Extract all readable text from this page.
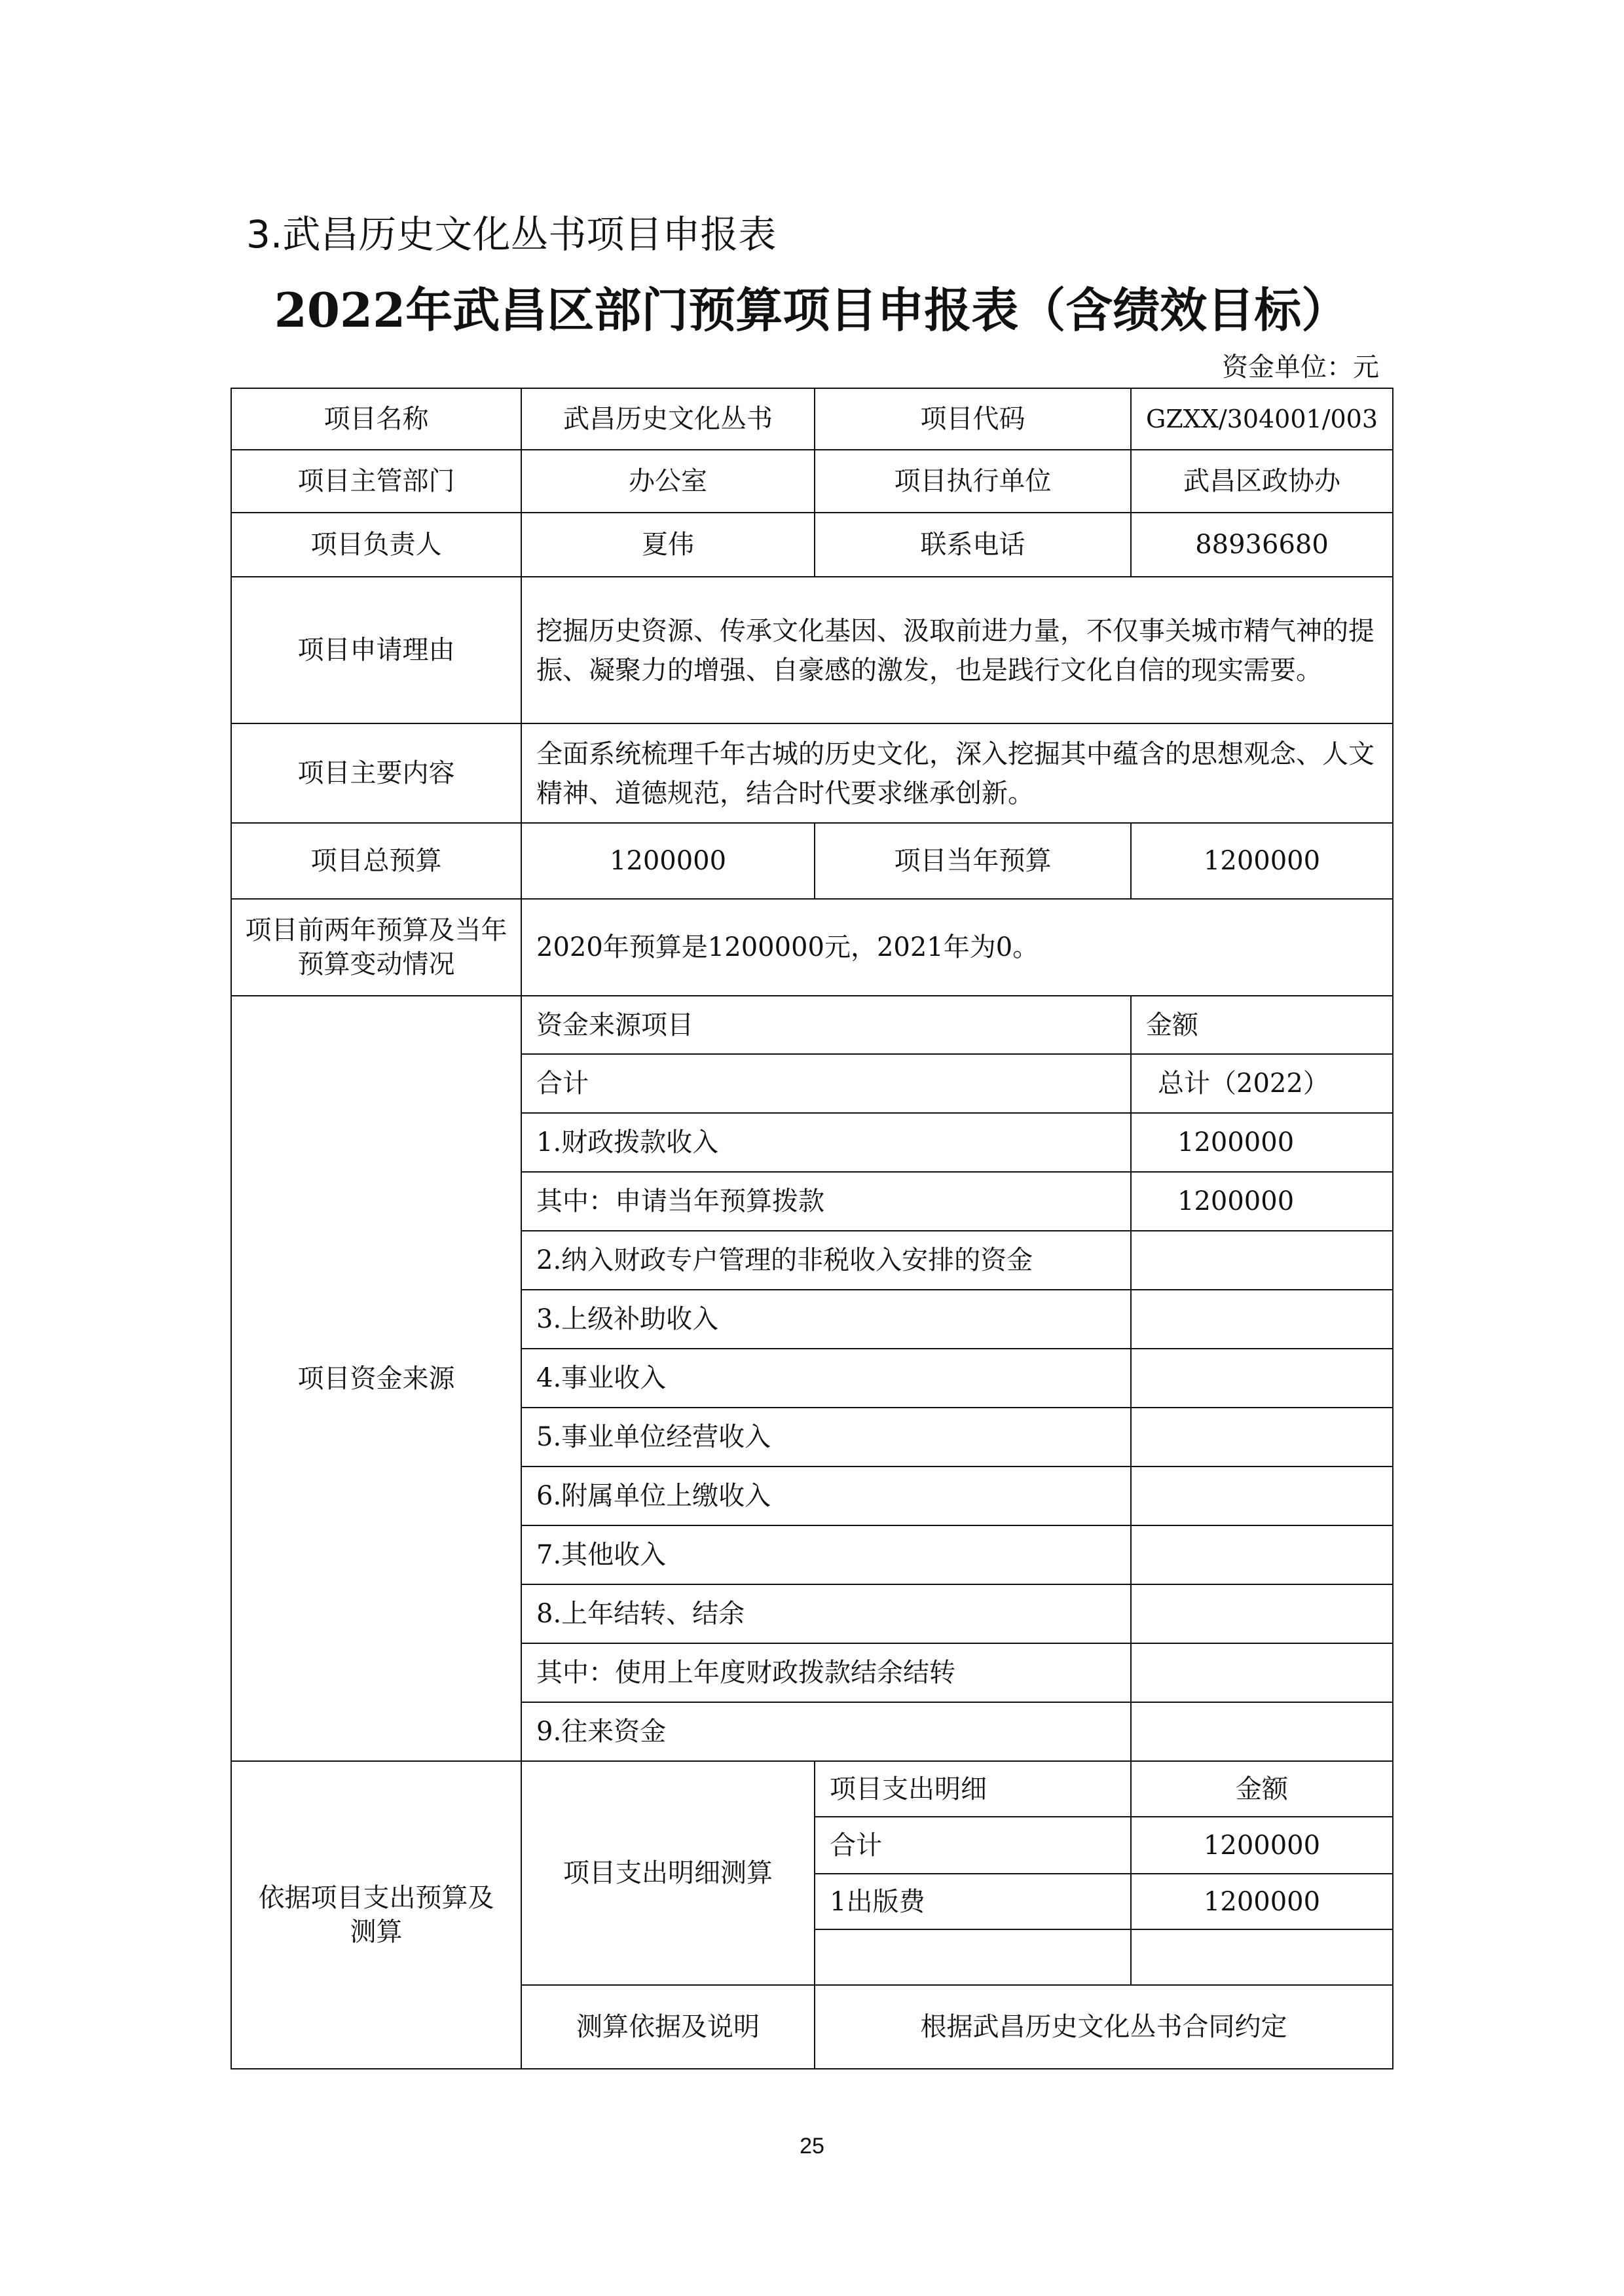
3.武昌历史文化丛书项目申报表
2022年武昌区部门预算项目申报表（含绩效目标）
资金单位：元
项目名称	武昌历史文化丛书	项目代码	GZXX/304001/003
项目主管部门	办公室	项目执行单位	武昌区政协办
项目负责人	夏伟	联系电话	88936680
项目申请理由	挖掘历史资源、传承文化基因、汲取前进力量，不仅事关城市精气神的提振、凝聚力的增强、自豪感的激发，也是践行文化自信的现实需要。		
项目主要内容	全面系统梳理千年古城的历史文化，深入挖掘其中蕴含的思想观念、人文精神、道德规范，结合时代要求继承创新。		
项目总预算	1200000	项目当年预算	1200000
项目前两年预算及当年预算变动情况	2020年预算是1200000元，2021年为0。		
项目资金来源	资金来源项目		金额
	合计		总计（2022）
	1.财政拨款收入		1200000
	其中：申请当年预算拨款		1200000
	2.纳入财政专户管理的非税收入安排的资金		
	3.上级补助收入		
	4.事业收入		
	5.事业单位经营收入		
	6.附属单位上缴收入		
	7.其他收入		
	8.上年结转、结余		
	其中：使用上年度财政拨款结余结转		
	9.往来资金		
依据项目支出预算及测算	项目支出明细测算	项目支出明细	金额
		合计	1200000
		1出版费	1200000

	测算依据及说明	根据武昌历史文化丛书合同约定	
25
